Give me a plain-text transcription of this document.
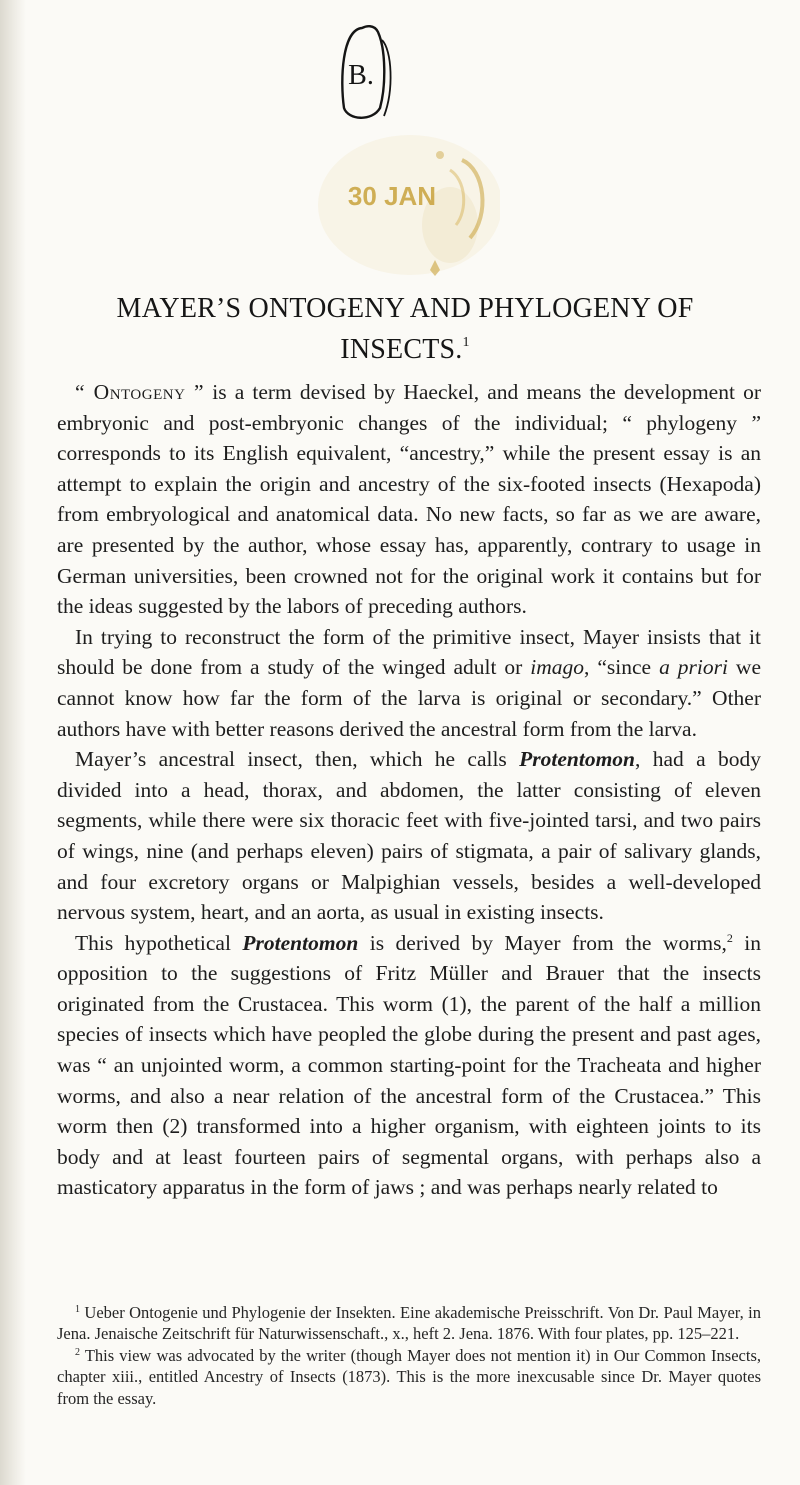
B.
30 JAN
MAYER’S ONTOGENY AND PHYLOGENY OF
INSECTS.$^1$

“ Ontogeny ” is a term devised by Haeckel, and means the development or embryonic and post-embryonic changes of the individual; “ phylogeny ” corresponds to its English equivalent, “ancestry,” while the present essay is an attempt to explain the origin and ancestry of the six-footed insects (Hexapoda) from embryological and anatomical data. No new facts, so far as we are aware, are presented by the author, whose essay has, apparently, contrary to usage in German universities, been crowned not for the original work it contains but for the ideas suggested by the labors of preceding authors.

In trying to reconstruct the form of the primitive insect, Mayer insists that it should be done from a study of the winged adult or imago, “since a priori we cannot know how far the form of the larva is original or secondary.” Other authors have with better reasons derived the ancestral form from the larva.

Mayer’s ancestral insect, then, which he calls Protentomon, had a body divided into a head, thorax, and abdomen, the latter consisting of eleven segments, while there were six thoracic feet with five-jointed tarsi, and two pairs of wings, nine (and perhaps eleven) pairs of stigmata, a pair of salivary glands, and four excretory organs or Malpighian vessels, besides a well-developed nervous system, heart, and an aorta, as usual in existing insects.

This hypothetical Protentomon is derived by Mayer from the worms,$^2$ in opposition to the suggestions of Fritz Müller and Brauer that the insects originated from the Crustacea. This worm (1), the parent of the half a million species of insects which have peopled the globe during the present and past ages, was “ an unjointed worm, a common starting-point for the Tracheata and higher worms, and also a near relation of the ancestral form of the Crustacea.” This worm then (2) transformed into a higher organism, with eighteen joints to its body and at least fourteen pairs of segmental organs, with perhaps also a masticatory apparatus in the form of jaws ; and was perhaps nearly related to

$^1$ Ueber Ontogenie und Phylogenie der Insekten. Eine akademische Preisschrift. Von Dr. Paul Mayer, in Jena. Jenaische Zeitschrift für Naturwissenschaft., x., heft 2. Jena. 1876. With four plates, pp. 125–221.

$^2$ This view was advocated by the writer (though Mayer does not mention it) in Our Common Insects, chapter xiii., entitled Ancestry of Insects (1873). This is the more inexcusable since Dr. Mayer quotes from the essay.
